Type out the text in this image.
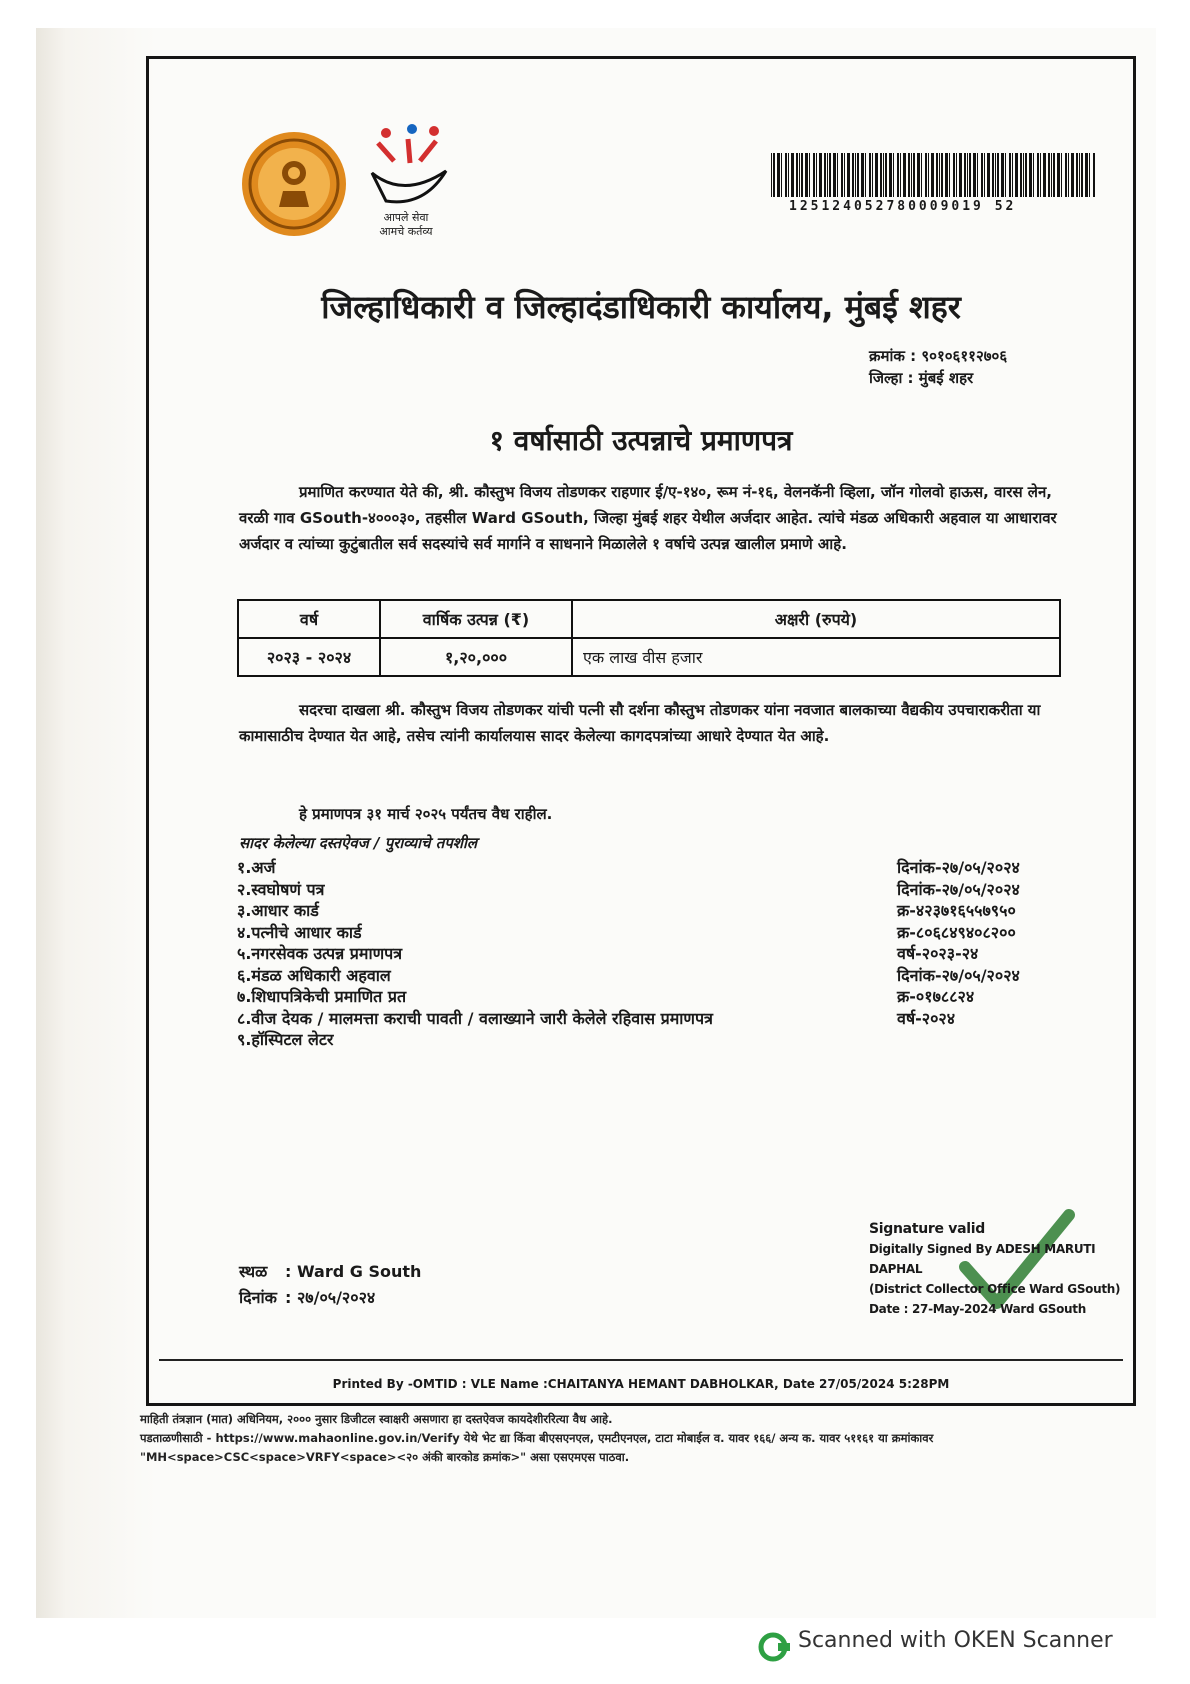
आपले सेवा
आमचे कर्तव्य
125124052780009019 52
जिल्हाधिकारी व जिल्हादंडाधिकारी कार्यालय, मुंबई शहर
क्रमांक : ९०१०६११२७०६
जिल्हा : मुंबई शहर
१ वर्षासाठी उत्पन्नाचे प्रमाणपत्र
प्रमाणित करण्यात येते की, श्री. कौस्तुभ विजय तोडणकर राहणार ई/ए-१४०, रूम नं-१६, वेलनकॅनी व्हिला, जॉन गोलवो हाऊस, वारस लेन, वरळी गाव GSouth-४०००३०, तहसील Ward GSouth, जिल्हा मुंबई शहर येथील अर्जदार आहेत. त्यांचे मंडळ अधिकारी अहवाल या आधारावर अर्जदार व त्यांच्या कुटुंबातील सर्व सदस्यांचे सर्व मार्गाने व साधनाने मिळालेले १ वर्षाचे उत्पन्न खालील प्रमाणे आहे.
वर्ष	वार्षिक उत्पन्न (₹)	अक्षरी (रुपये)
२०२३ - २०२४	१,२०,०००	एक लाख वीस हजार
सदरचा दाखला श्री. कौस्तुभ विजय तोडणकर यांची पत्नी सौ दर्शना कौस्तुभ तोडणकर यांना नवजात बालकाच्या वैद्यकीय उपचाराकरीता या कामासाठीच देण्यात येत आहे, तसेच त्यांनी कार्यालयास सादर केलेल्या कागदपत्रांच्या आधारे देण्यात येत आहे.
हे प्रमाणपत्र ३१ मार्च २०२५ पर्यंतच वैध राहील.
सादर केलेल्या दस्तऐवज / पुराव्याचे तपशील
१.अर्ज	दिनांक-२७/०५/२०२४
२.स्वघोषणं पत्र	दिनांक-२७/०५/२०२४
३.आधार कार्ड	क्र-४२३७१६५५७९५०
४.पत्नीचे आधार कार्ड	क्र-८०६८४९४०८२००
५.नगरसेवक उत्पन्न प्रमाणपत्र	वर्ष-२०२३-२४
६.मंडळ अधिकारी अहवाल	दिनांक-२७/०५/२०२४
७.शिधापत्रिकेची प्रमाणित प्रत	क्र-०१७८८२४
८.वीज देयक / मालमत्ता कराची पावती / वलाख्याने जारी केलेले रहिवास प्रमाणपत्र	वर्ष-२०२४
९.हॉस्पिटल लेटर
स्थळ : Ward G South
दिनांक : २७/०५/२०२४
Signature valid
Digitally Signed By ADESH MARUTI DAPHAL
(District Collector Office Ward GSouth)
Date : 27-May-2024 Ward GSouth
Printed By -OMTID : VLE Name :CHAITANYA HEMANT DABHOLKAR, Date 27/05/2024 5:28PM
माहिती तंत्रज्ञान (मात) अधिनियम, २००० नुसार डिजीटल स्वाक्षरी असणारा हा दस्तऐवज कायदेशीररित्या वैध आहे.
पडताळणीसाठी - https://www.mahaonline.gov.in/Verify येथे भेट द्या किंवा बीएसएनएल, एमटीएनएल, टाटा मोबाईल व. यावर १६६/ अन्य क. यावर ५११६१ या क्रमांकावर
"MH<space>CSC<space>VRFY<space><२० अंकी बारकोड क्रमांक>" असा एसएमएस पाठवा.
Scanned with OKEN Scanner
